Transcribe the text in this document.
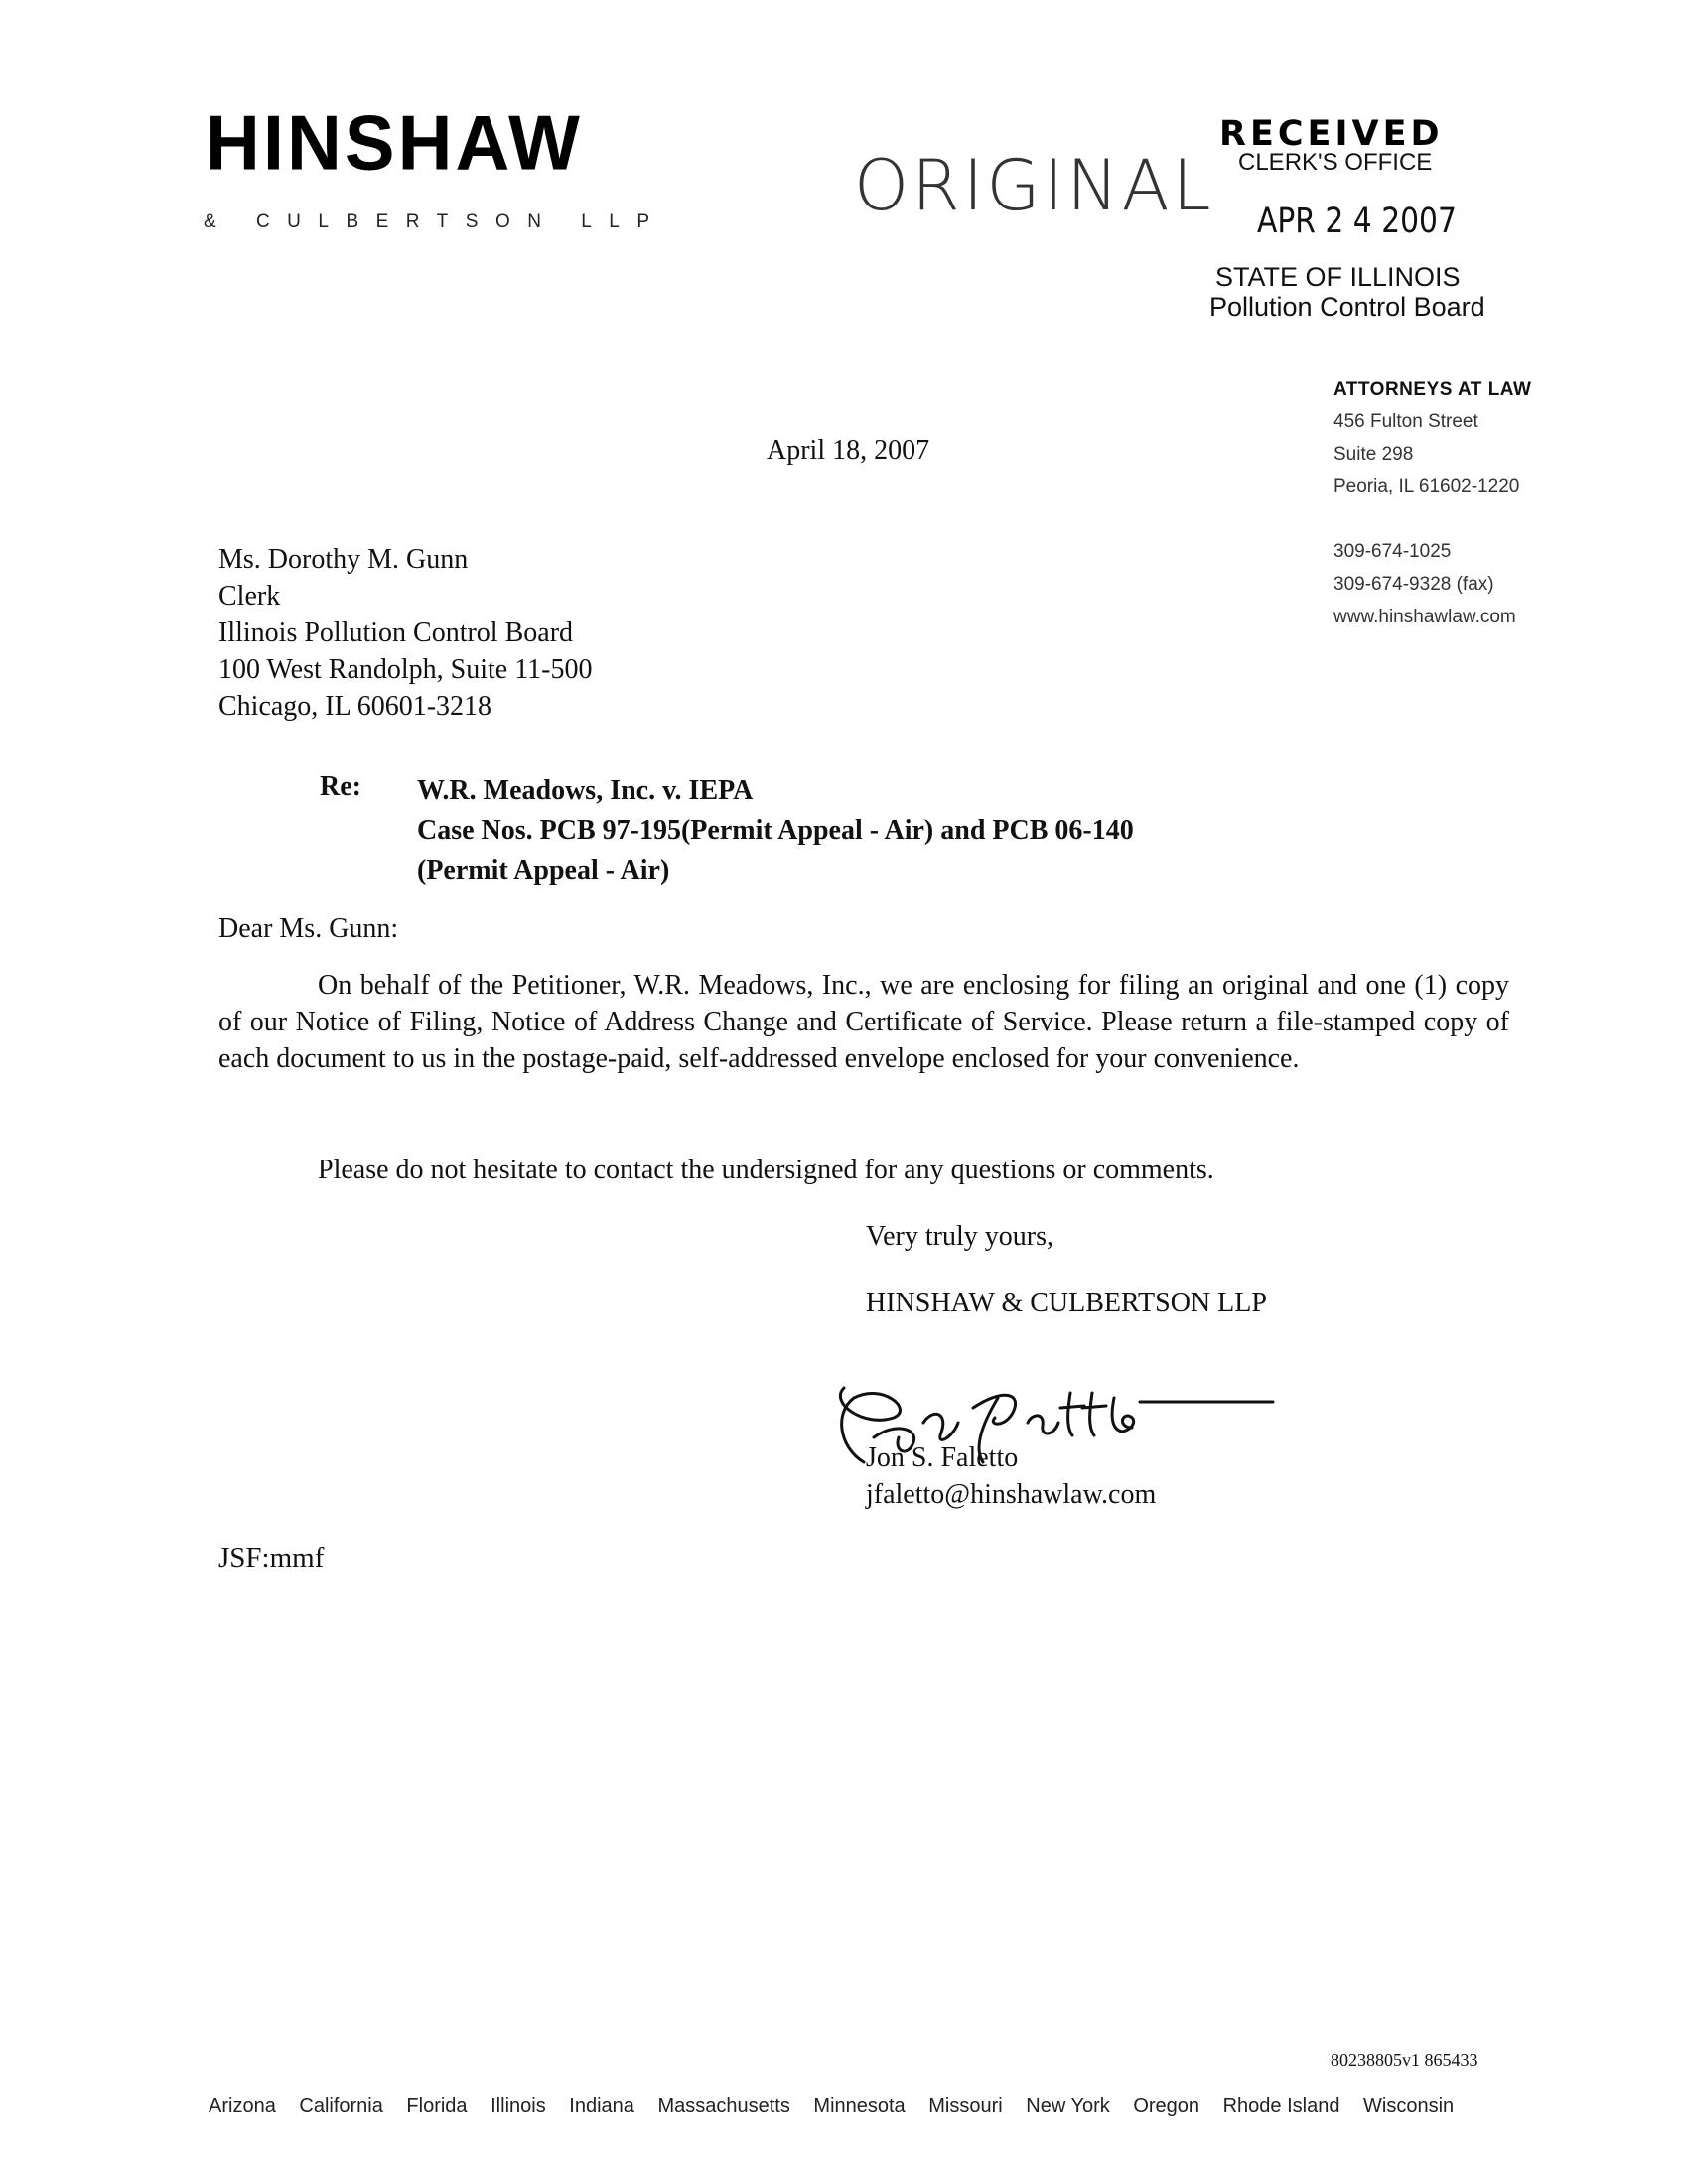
HINSHAW
& CULBERTSON LLP	ORIGINAL
RECEIVED
CLERK'S OFFICE
APR 2 4 2007
STATE OF ILLINOIS
Pollution Control Board
ATTORNEYS AT LAW
456 Fulton Street
Suite 298
Peoria, IL 61602-1220
309-674-1025
309-674-9328 (fax)
www.hinshawlaw.com
April 18, 2007
Ms. Dorothy M. Gunn
Clerk
Illinois Pollution Control Board
100 West Randolph, Suite 11-500
Chicago, IL 60601-3218
Re: W.R. Meadows, Inc. v. IEPA
Case Nos. PCB 97-195(Permit Appeal - Air) and PCB 06-140
(Permit Appeal - Air)
Dear Ms. Gunn:
On behalf of the Petitioner, W.R. Meadows, Inc., we are enclosing for filing an original and one (1) copy of our Notice of Filing, Notice of Address Change and Certificate of Service. Please return a file-stamped copy of each document to us in the postage-paid, self-addressed envelope enclosed for your convenience.
Please do not hesitate to contact the undersigned for any questions or comments.
Very truly yours,
HINSHAW & CULBERTSON LLP
Jon S. Faletto
jfaletto@hinshawlaw.com
JSF:mmf
80238805v1 865433
Arizona California Florida Illinois Indiana Massachusetts Minnesota Missouri New York Oregon Rhode Island Wisconsin
